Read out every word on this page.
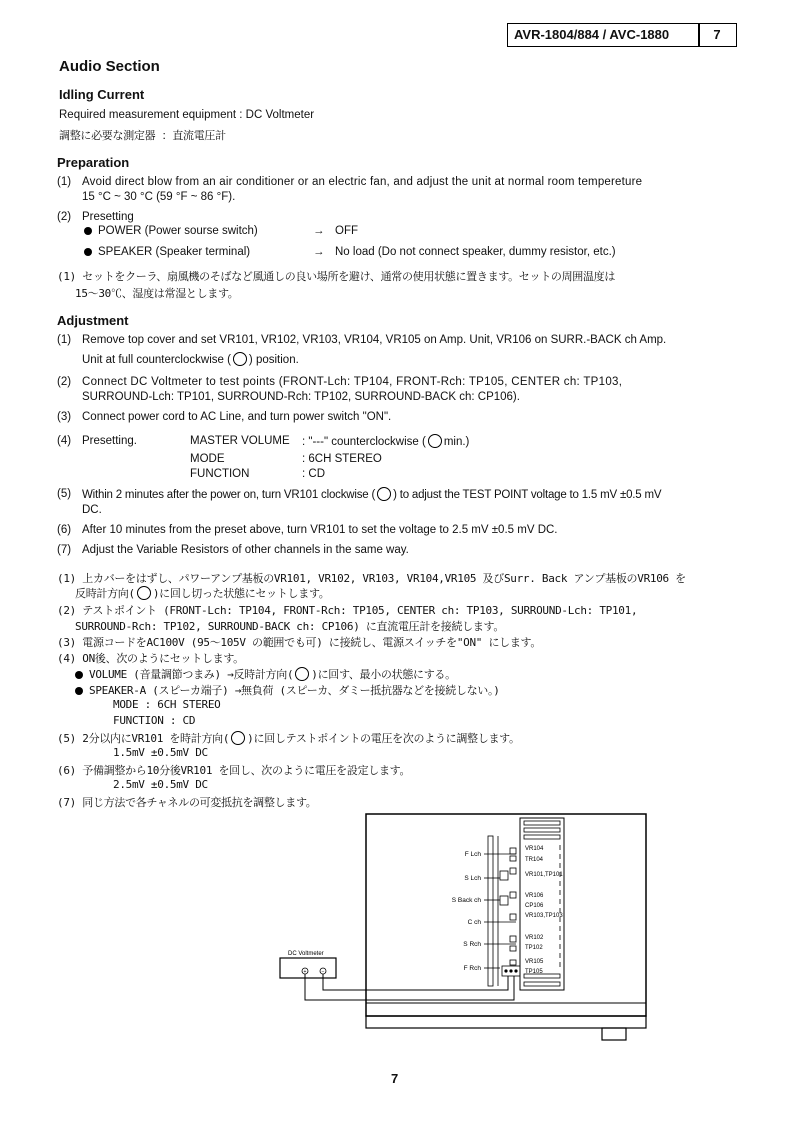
AVR-1804/884 / AVC-1880	7
Audio Section
Idling Current
Required measurement equipment : DC Voltmeter
調整に必要な測定器 ：直流電圧計
Preparation
(1) Avoid direct blow from an air conditioner or an electric fan, and adjust the unit at normal room tempereture
15 °C ~ 30 °C (59 °F ~ 86 °F).
(2) Presetting
POWER (Power sourse switch)	→ OFF
SPEAKER (Speaker terminal)	→ No load (Do not connect speaker, dummy resistor, etc.)
(1) セットをクーラ、扇風機のそばなど風通しの良い場所を避け、通常の使用状態に置きます。セットの周囲温度は
15～30℃、湿度は常湿とします。
Adjustment
(1) Remove top cover and set VR101, VR102, VR103, VR104, VR105 on Amp. Unit, VR106 on SURR.-BACK ch Amp.
Unit at full counterclockwise ( ) position.
(2) Connect DC Voltmeter to test points (FRONT-Lch: TP104, FRONT-Rch: TP105, CENTER ch: TP103,
SURROUND-Lch: TP101, SURROUND-Rch: TP102, SURROUND-BACK ch: CP106).
(3) Connect power cord to AC Line, and turn power switch "ON".
(4) Presetting.	MASTER VOLUME : "---" counterclockwise ( min.)
MODE	: 6CH STEREO
FUNCTION	: CD
(5) Within 2 minutes after the power on, turn VR101 clockwise ( ) to adjust the TEST POINT voltage to 1.5 mV ±0.5 mV
DC.
(6) After 10 minutes from the preset above, turn VR101 to set the voltage to 2.5 mV ±0.5 mV DC.
(7) Adjust the Variable Resistors of other channels in the same way.
(1) 上カバーをはずし、パワーアンプ基板のVR101, VR102, VR103, VR104,VR105 及びSurr. Back アンプ基板のVR106 を
反時計方向( )に回し切った状態にセットします。
(2) テストポイント (FRONT-Lch: TP104, FRONT-Rch: TP105, CENTER ch: TP103, SURROUND-Lch: TP101,
SURROUND-Rch: TP102, SURROUND-BACK ch: CP106) に直流電圧計を接続します。
(3) 電源コードをAC100V (95～105V の範囲でも可) に接続し、電源スイッチを"ON" にします。
(4) ON後、次のようにセットします。
VOLUME (音量調節つまみ) →反時計方向( )に回す、最小の状態にする。
SPEAKER-A (スピーカ端子) →無負荷 (スピーカ、ダミー抵抗器などを接続しない。)
MODE : 6CH STEREO
FUNCTION : CD
(5) 2分以内にVR101 を時計方向( )に回しテストポイントの電圧を次のように調整します。
1.5mV ±0.5mV DC
(6) 予備調整から10分後VR101 を回し、次のように電圧を設定します。
2.5mV ±0.5mV DC
(7) 同じ方法で各チャネルの可変抵抗を調整します。
F Lch
S Lch
S Back ch
C ch
S Rch
F Rch
VR104
TR104
VR101,TP101
VR106
CP106
VR103,TP103
VR102
TP102
VR105
TP105
DC Voltmeter
+	−
7
